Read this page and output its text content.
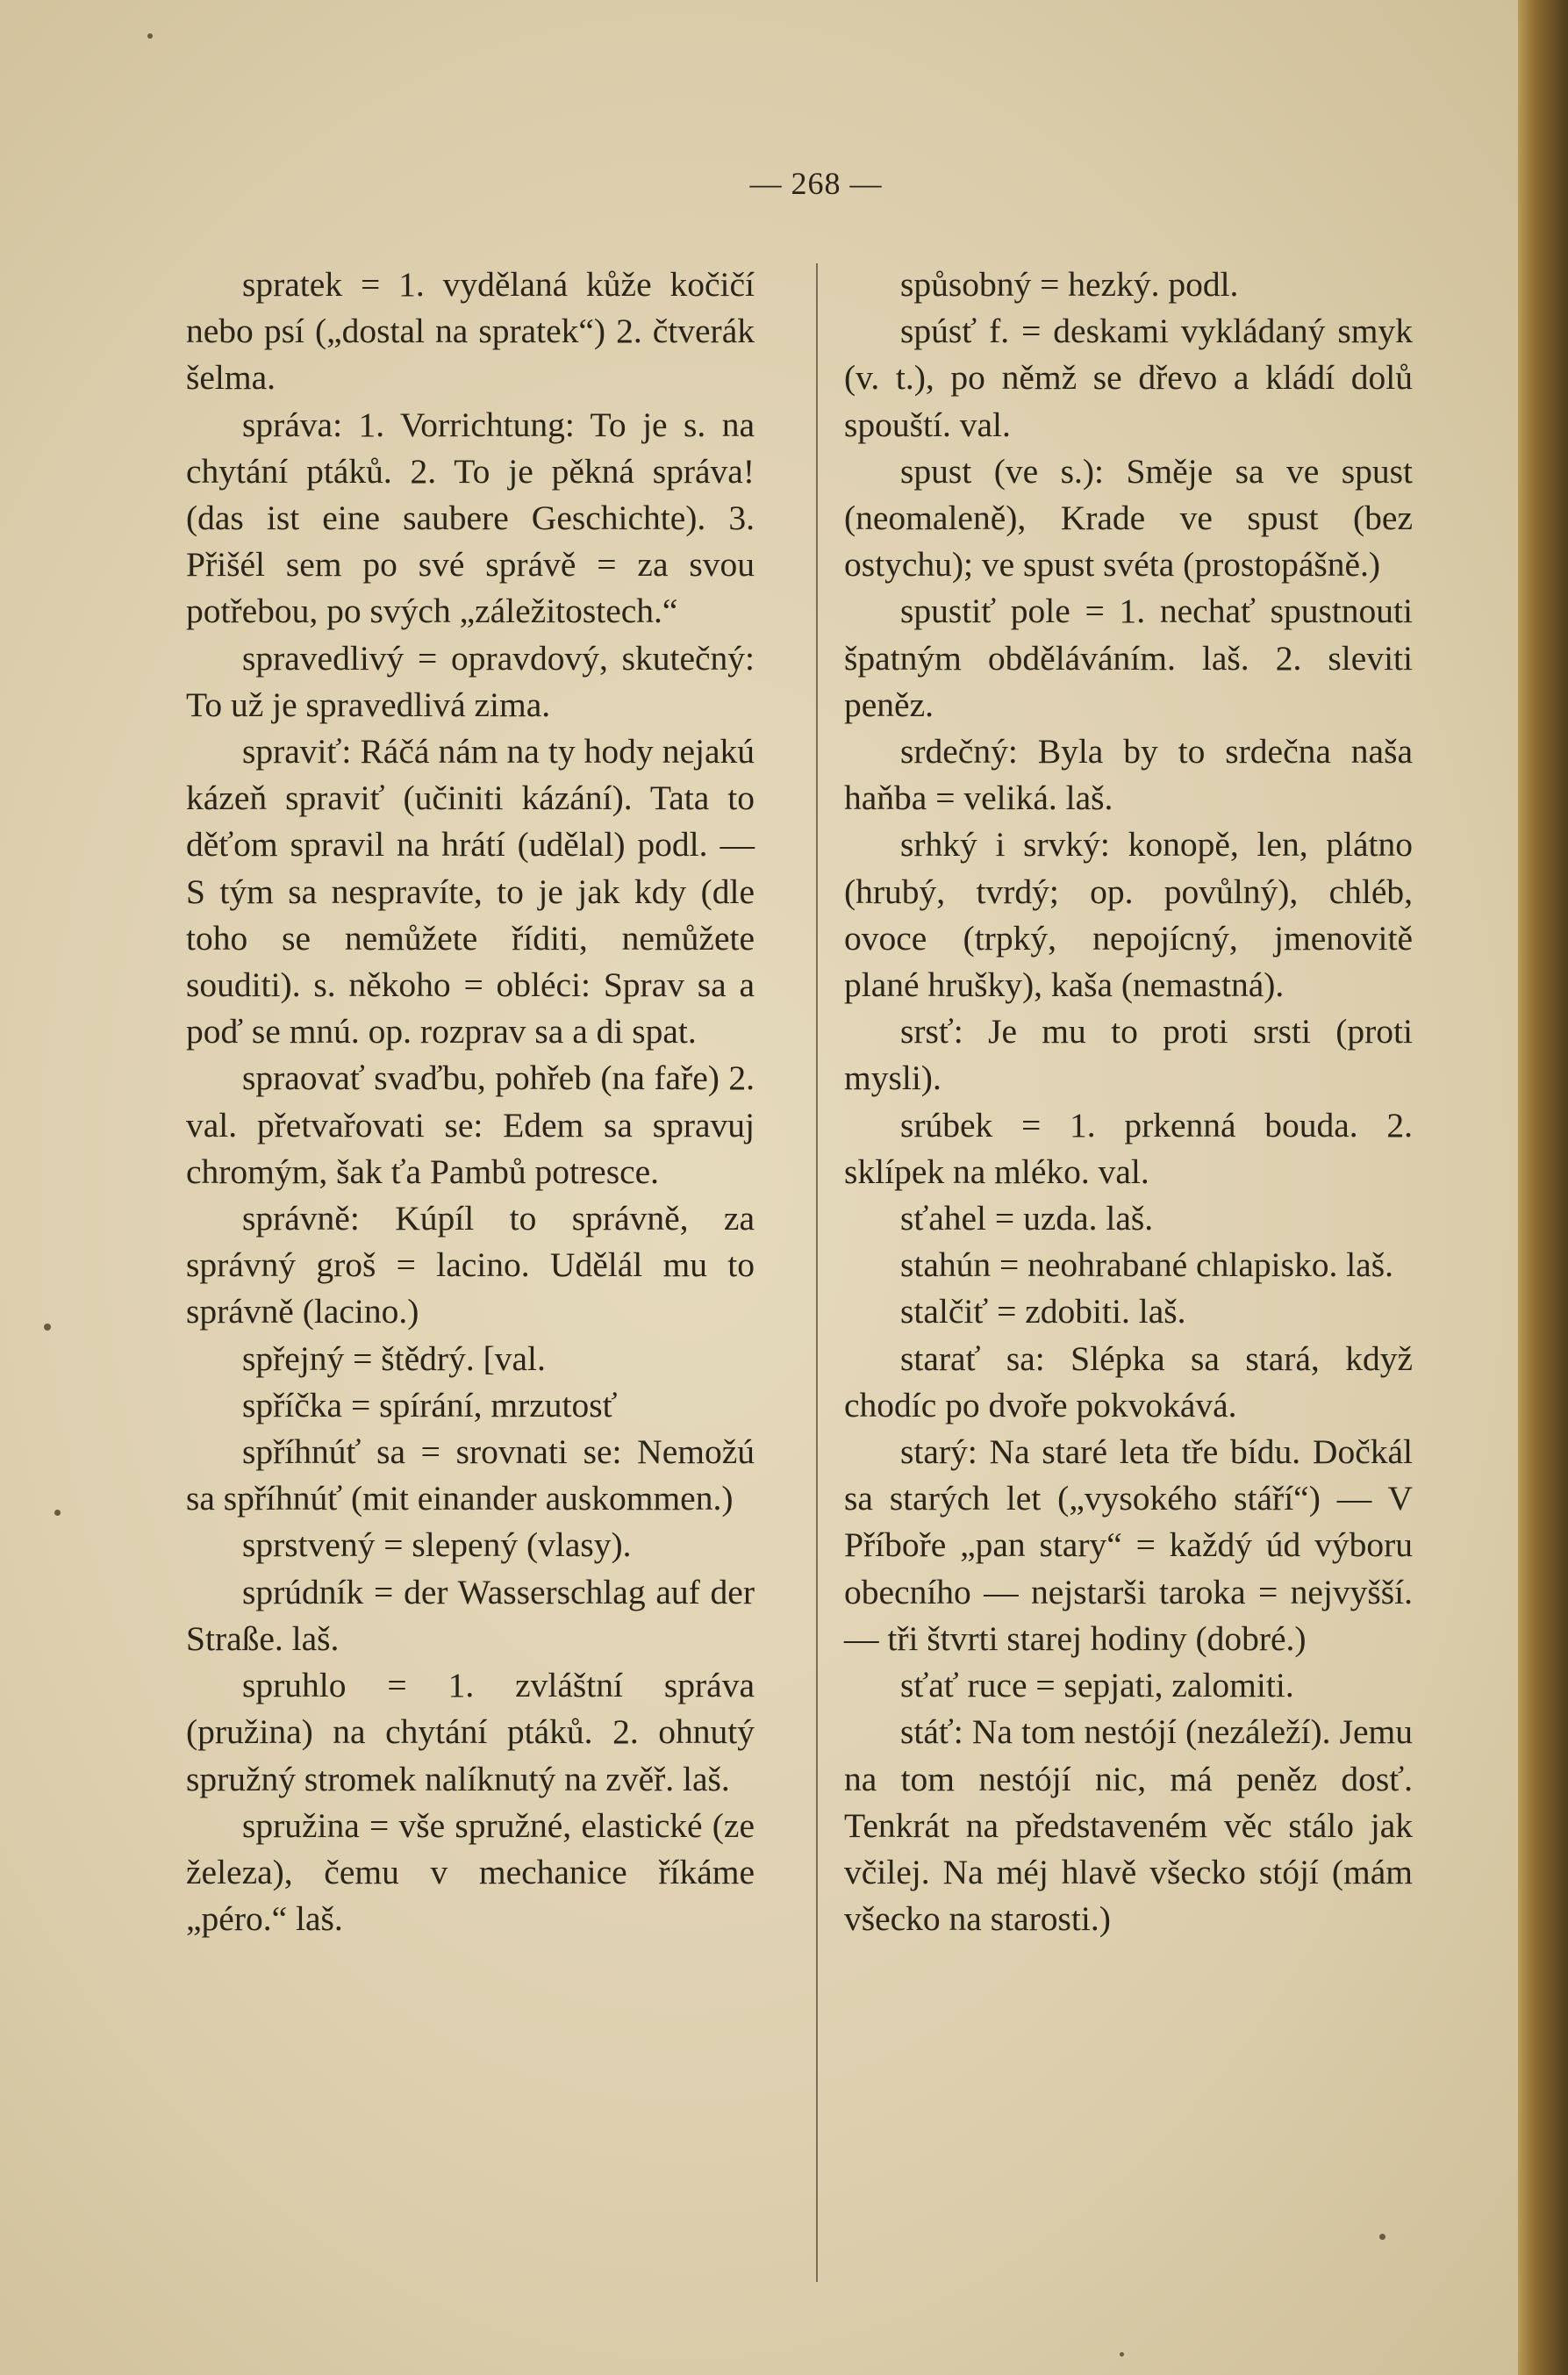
— 268 —

spratek = 1. vydělaná kůže kočičí nebo psí („dostal na spratek“) 2. čtverák šelma.

správa: 1. Vorrichtung: To je s. na chytání ptáků. 2. To je pěkná správa! (das ist eine saubere Geschichte). 3. Přišél sem po své správě = za svou potřebou, po svých „záležitostech.“

spravedlivý = opravdový, skutečný: To už je spravedlivá zima.

spraviť: Ráčá nám na ty hody nejakú kázeň spraviť (učiniti kázání). Tata to děťom spravil na hrátí (udělal) podl. — S tým sa nespravíte, to je jak kdy (dle toho se nemůžete říditi, nemůžete souditi). s. někoho = obléci: Sprav sa a poď se mnú. op. rozprav sa a di spat.

spraovať svaďbu, pohřeb (na faře) 2. val. přetvařovati se: Edem sa spravuj chromým, šak ťa Pambů potresce.

správně: Kúpíl to správně, za správný groš = lacino. Udělál mu to správně (lacino.)

spřejný = štědrý. [val.

spříčka = spírání, mrzutosť

spříhnúť sa = srovnati se: Nemožú sa spříhnúť (mit einander auskommen.)

sprstvený = slepený (vlasy).

sprúdník = der Wasserschlag auf der Straße. laš.

spruhlo = 1. zvláštní správa (pružina) na chytání ptáků. 2. ohnutý spružný stromek nalíknutý na zvěř. laš.

spružina = vše spružné, elastické (ze železa), čemu v mechanice říkáme „péro.“ laš.

spůsobný = hezký. podl.

spúsť f. = deskami vykládaný smyk (v. t.), po němž se dřevo a kládí dolů spouští. val.

spust (ve s.): Směje sa ve spust (neomaleně), Krade ve spust (bez ostychu); ve spust svéta (prostopášně.)

spustiť pole = 1. nechať spustnouti špatným obděláváním. laš. 2. sleviti peněz.

srdečný: Byla by to srdečna naša haňba = veliká. laš.

srhký i srvký: konopě, len, plátno (hrubý, tvrdý; op. povůlný), chléb, ovoce (trpký, nepojícný, jmenovitě plané hrušky), kaša (nemastná).

srsť: Je mu to proti srsti (proti mysli).

srúbek = 1. prkenná bouda. 2. sklípek na mléko. val.

sťahel = uzda. laš.

stahún = neohrabané chlapisko. laš.

stalčiť = zdobiti. laš.

starať sa: Slépka sa stará, když chodíc po dvoře pokvokává.

starý: Na staré leta tře bídu. Dočkál sa starých let („vysokého stáří“) — V Příboře „pan stary“ = každý úd výboru obecního — nejstarši taroka = nejvyšší. — tři štvrti starej hodiny (dobré.)

sťať ruce = sepjati, zalomiti.

stáť: Na tom nestójí (nezáleží). Jemu na tom nestójí nic, má peněz dosť. Tenkrát na představeném věc stálo jak včilej. Na méj hlavě všecko stójí (mám všecko na starosti.)
